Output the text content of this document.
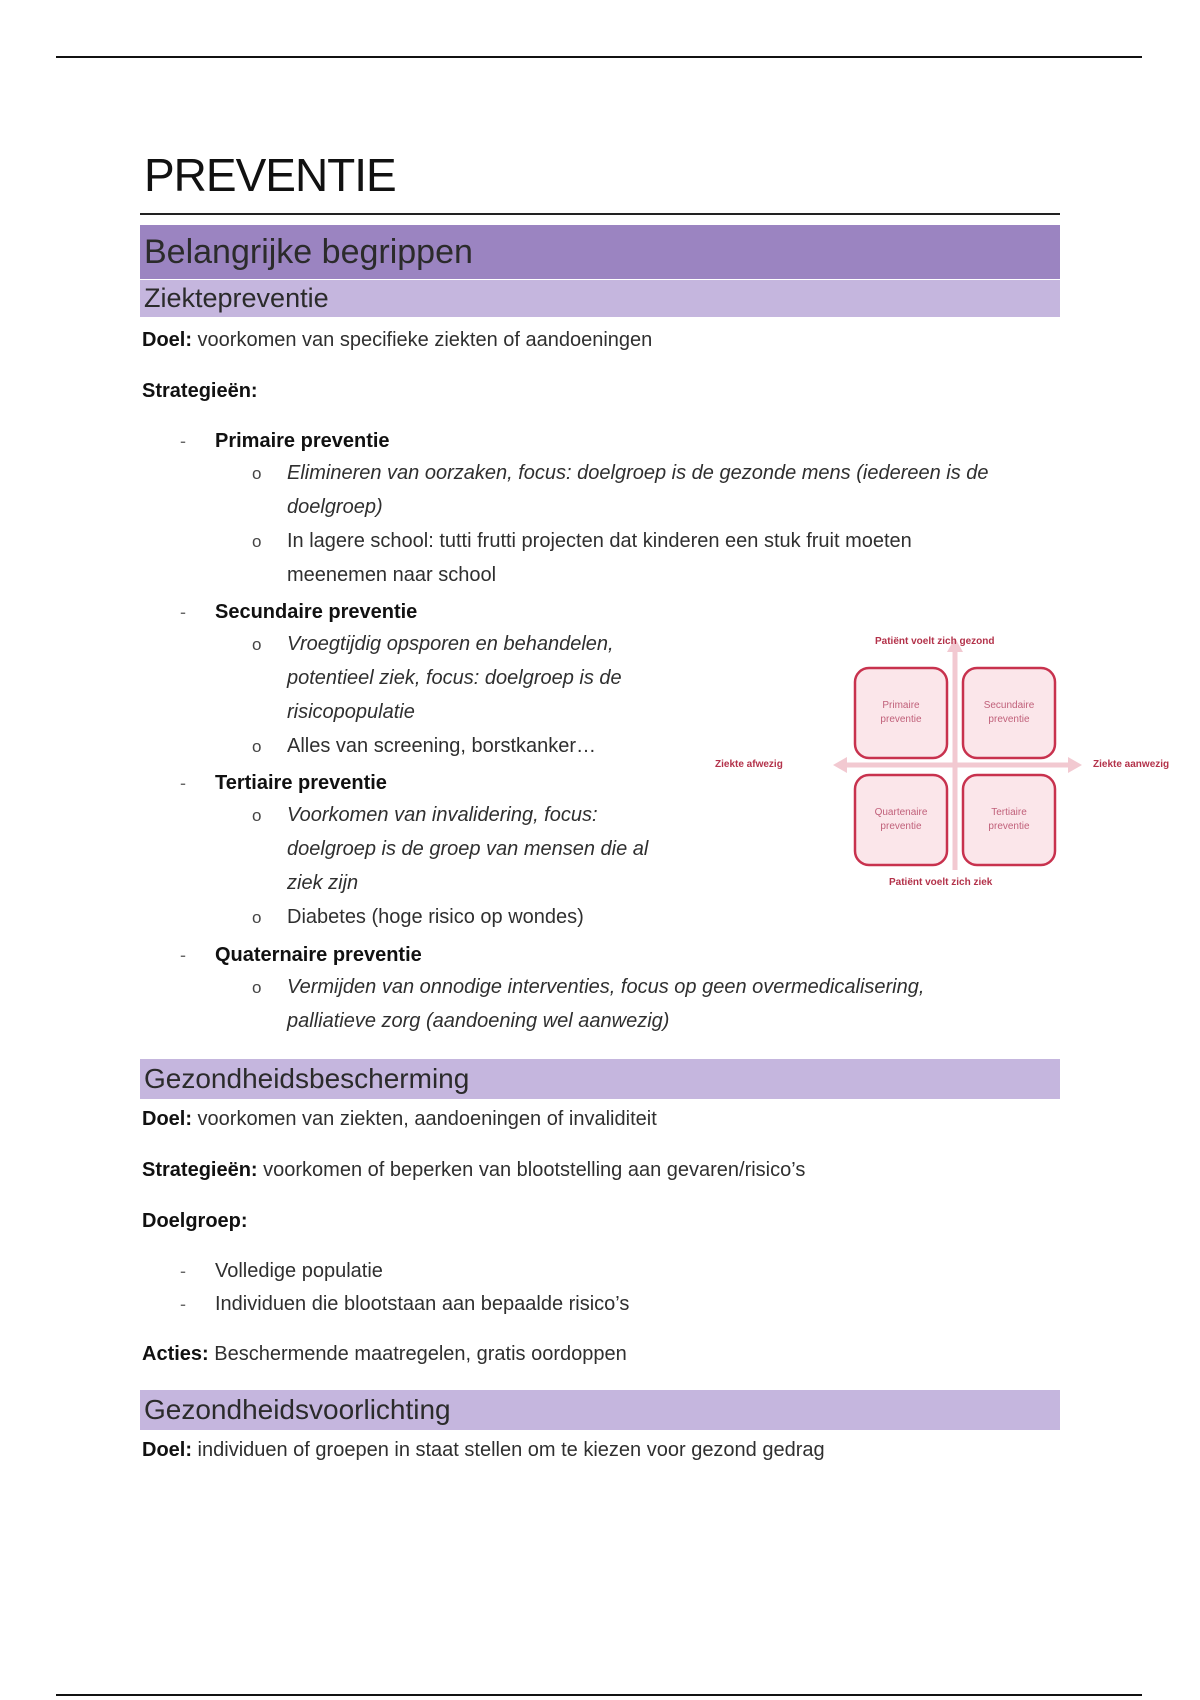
PREVENTIE
Belangrijke begrippen
Ziektepreventie
Doel: voorkomen van specifieke ziekten of aandoeningen
Strategieën:
- Primaire preventie
o Elimineren van oorzaken, focus: doelgroep is de gezonde mens (iedereen is de
doelgroep)
o In lagere school: tutti frutti projecten dat kinderen een stuk fruit moeten
meenemen naar school
- Secundaire preventie
o Vroegtijdig opsporen en behandelen,
potentieel ziek, focus: doelgroep is de
risicopopulatie
o Alles van screening, borstkanker…
- Tertiaire preventie
o Voorkomen van invalidering, focus:
doelgroep is de groep van mensen die al
ziek zijn
o Diabetes (hoge risico op wondes)
- Quaternaire preventie
o Vermijden van onnodige interventies, focus op geen overmedicalisering,
palliatieve zorg (aandoening wel aanwezig)
Patiënt voelt zich gezond
Patiënt voelt zich ziek
Ziekte afwezig	Ziekte aanwezig
Primaire
preventie
Secundaire
preventie
Quartenaire
preventie
Tertiaire
preventie
Gezondheidsbescherming
Doel: voorkomen van ziekten, aandoeningen of invaliditeit
Strategieën: voorkomen of beperken van blootstelling aan gevaren/risico’s
Doelgroep:
- Volledige populatie
- Individuen die blootstaan aan bepaalde risico’s
Acties: Beschermende maatregelen, gratis oordoppen
Gezondheidsvoorlichting
Doel: individuen of groepen in staat stellen om te kiezen voor gezond gedrag
